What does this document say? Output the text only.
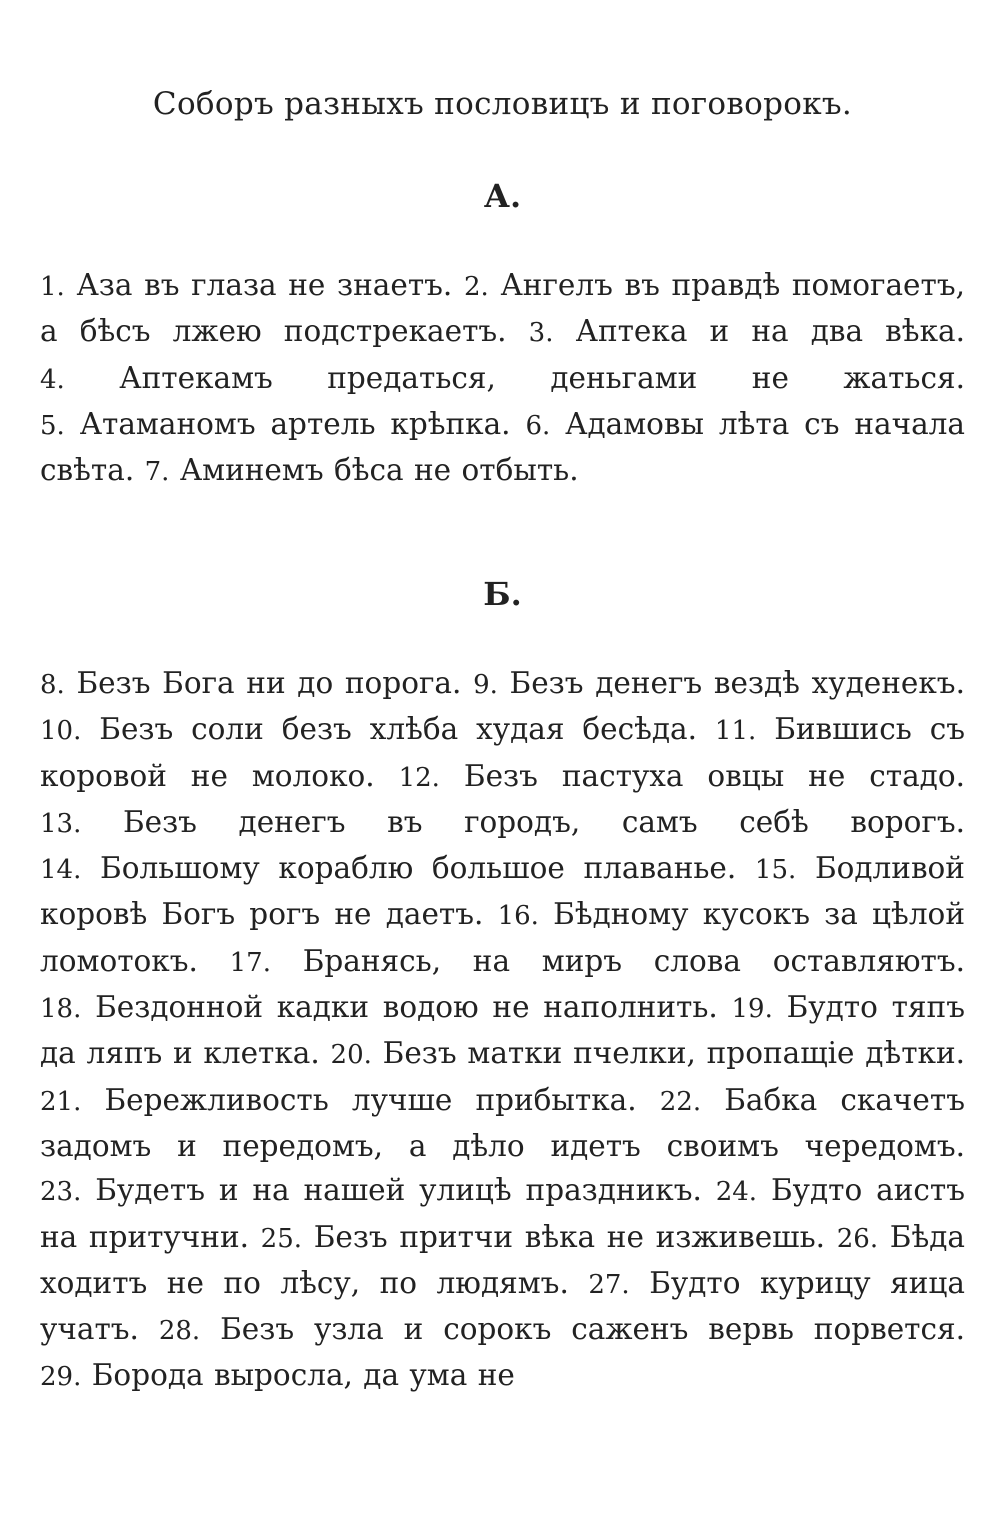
Соборъ разныхъ пословицъ и поговорокъ.
А.
1. Аза въ глаза не знаетъ. 2. Ангелъ въ правдѣ помогаетъ, а бѣсъ лжею подстрекаетъ. 3. Аптека и на два вѣка. 4. Аптекамъ предаться, деньгами не жаться. 5. Атаманомъ артель крѣпка. 6. Адамовы лѣта съ начала свѣта. 7. Аминемъ бѣса не отбыть.
Б.
8. Безъ Бога ни до порога. 9. Безъ денегъ вездѣ худенекъ. 10. Безъ соли безъ хлѣба худая бесѣда. 11. Бившись съ коровой не молоко. 12. Безъ пастуха овцы не стадо. 13. Безъ денегъ въ городъ, самъ себѣ ворогъ. 14. Большому кораблю большое плаванье. 15. Бодливой коровѣ Богъ рогъ не даетъ. 16. Бѣдному кусокъ за цѣлой ломотокъ. 17. Бранясь, на миръ слова оставляютъ. 18. Бездонной кадки водою не наполнить. 19. Будто тяпъ да ляпъ и клетка. 20. Безъ матки пчелки, пропащіе дѣтки. 21. Бережливость лучше прибытка. 22. Бабка скачетъ задомъ и передомъ, а дѣло идетъ своимъ чередомъ. 23. Будетъ и на нашей улицѣ праздникъ. 24. Будто аистъ на притучни. 25. Безъ притчи вѣка не изживешь. 26. Бѣда ходитъ не по лѣсу, по людямъ. 27. Будто курицу яица учатъ. 28. Безъ узла и сорокъ саженъ вервь порвется. 29. Борода выросла, да ума не
